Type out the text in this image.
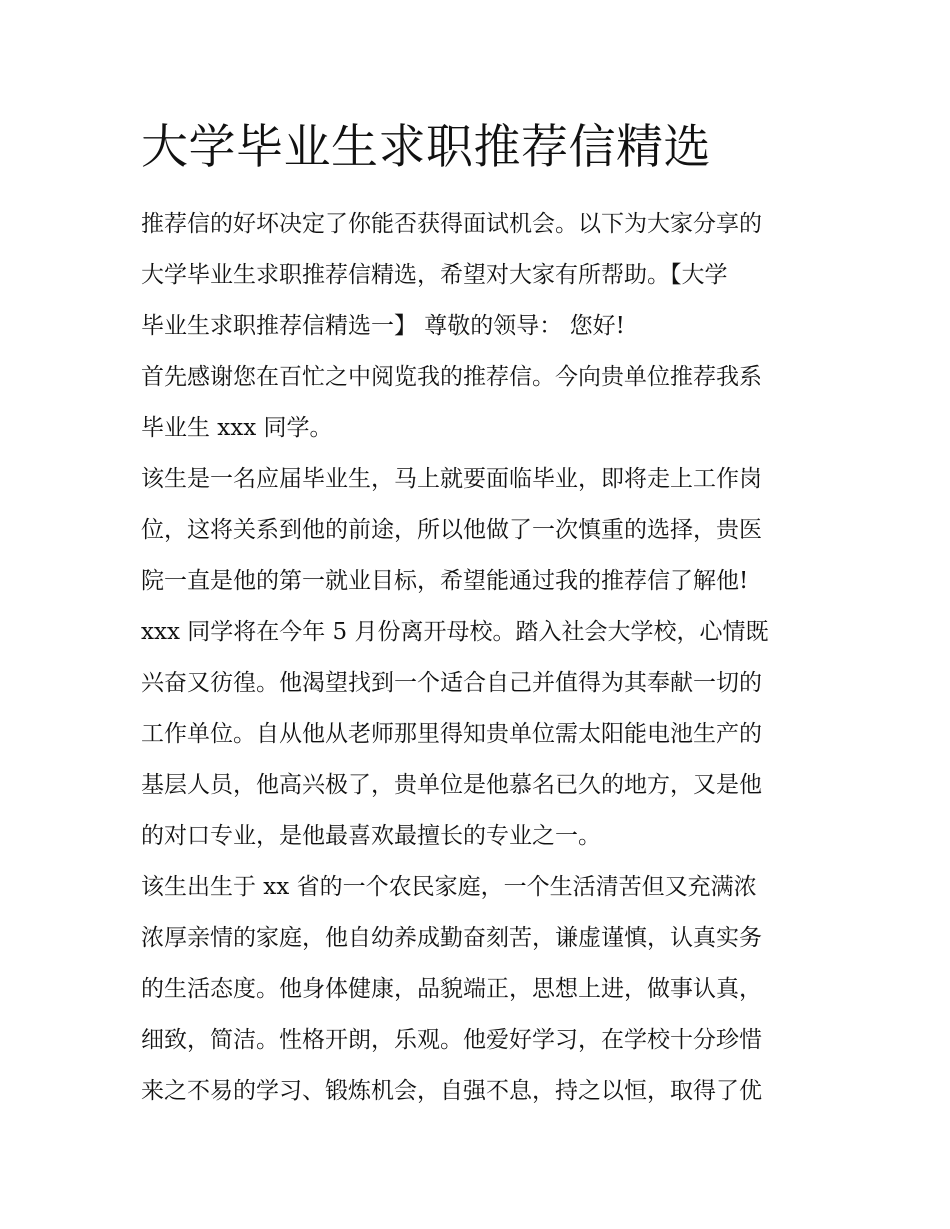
大学毕业生求职推荐信精选

推荐信的好坏决定了你能否获得面试机会。以下为大家分享的
大学毕业生求职推荐信精选，希望对大家有所帮助。【大学
毕业生求职推荐信精选一】 尊敬的领导： 您好!

首先感谢您在百忙之中阅览我的推荐信。今向贵单位推荐我系
毕业生 xxx 同学。

该生是一名应届毕业生，马上就要面临毕业，即将走上工作岗
位，这将关系到他的前途，所以他做了一次慎重的选择，贵医
院一直是他的第一就业目标，希望能通过我的推荐信了解他!

xxx 同学将在今年 5 月份离开母校。踏入社会大学校，心情既
兴奋又彷徨。他渴望找到一个适合自己并值得为其奉献一切的
工作单位。自从他从老师那里得知贵单位需太阳能电池生产的
基层人员，他高兴极了，贵单位是他慕名已久的地方，又是他
的对口专业，是他最喜欢最擅长的专业之一。

该生出生于 xx 省的一个农民家庭，一个生活清苦但又充满浓
浓厚亲情的家庭，他自幼养成勤奋刻苦，谦虚谨慎，认真实务
的生活态度。他身体健康，品貌端正，思想上进，做事认真，
细致，简洁。性格开朗，乐观。他爱好学习，在学校十分珍惜
来之不易的学习、锻炼机会，自强不息，持之以恒，取得了优
